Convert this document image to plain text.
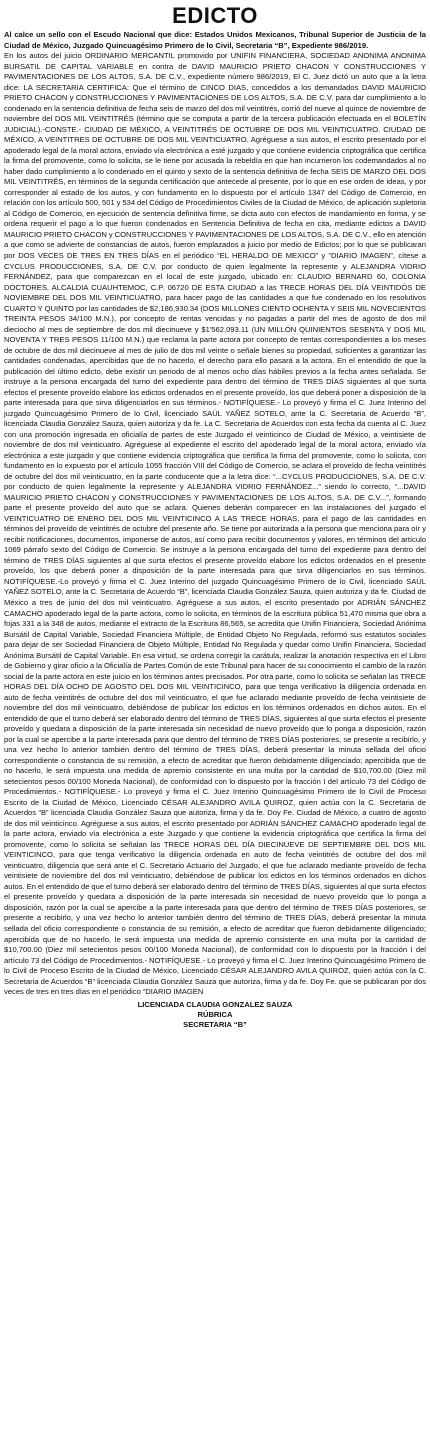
EDICTO

Al calce un sello con el Escudo Nacional que dice: Estados Unidos Mexicanos, Tribunal Superior de Justicia de la Ciudad de México, Juzgado Quincuagésimo Primero de lo Civil, Secretaria “B”, Expediente 986/2019.

En los autos del juicio ORDINARIO MERCANTIL promovido por UNIFIN FINANCIERA, SOCIEDAD ANONIMA ANONIMA BURSATIL DE CAPITAL VARIABLE en contra de DAVID MAURICIO PRIETO CHACON Y CONSTRUCCIONES Y PAVIMENTACIONES DE LOS ALTOS, S.A. DE C.V., expediente número 986/2019, El C. Juez dictó un auto que a la letra dice: LA SECRETARIA CERTIFICA: Que el término de CINCO DIAS, concedidos a los demandados DAVID MAURICIO PRIETO CHACON y CONSTRUCCIONES Y PAVIMENTACIONES DE LOS ALTOS, S.A. DE C.V. para dar cumplimiento a lo condenado en la sentencia definitiva de fecha seis de marzo del dos mil veintitrés, corrió del nueve al quince de noviembre de noviembre del DOS MIL VEINTITRÉS (término que se computa a partir de la tercera publicación efectuada en el BOLETÍN JUDICIAL).-CONSTE.- CIUDAD DE MÉXICO, A VEINTITRÉS DE OCTUBRE DE DOS MIL VEINTICUATRO. CIUDAD DE MÉXICO, A VEINTITRES DE OCTUBRE DE DOS MIL VEINTICUATRO. Agréguese a sus autos, el escrito presentado por el apoderado legal de la moral actora, enviado vía electrónica a esté juzgado y que contiene evidencia criptográfica que certifica la firma del promovente, como lo solicita, se le tiene por acusada la rebeldía en que han incurrieron los codemandados al no haber dado cumplimiento a lo condenado en el quinto y sexto de la sentencia definitiva de fecha SEIS DE MARZO DEL DOS MIL VEINTITRÉS, en términos de la segunda certificación que antecede al presente, por lo que en ese orden de ideas, y por corresponder al estado de los autos, y con fundamento en lo dispuesto por el artículo 1347 del Código de Comercio, en relación con los artículo 500, 501 y 534 del Código de Procedimientos Civiles de la Ciudad de México, de aplicación supletoria al Código de Comercio, en ejecución de sentencia definitiva firme, se dicta auto con efectos de mandamiento en forma, y se ordena requerir el pago a lo que fueron condenados en Sentencia Definitiva de fecha en cita, mediante edictos a DAVID MAURICIO PRIETO CHACON y CONSTRUCCIONES Y PAVIMENTACIONES DE LOS ALTOS, S.A. DE C.V., ello en atención a que como se advierte de constancias de autos, fueron emplazados a juicio por medio de Edictos; por lo que se publicaran por DOS VECES DE TRES EN TRES DÍAS en el periódico “EL HERALDO DE MEXICO” y “DIARIO IMAGEN”, cítese a CYCLUS PRODUCCIONES, S.A. DE C.V. por conducto de quien legalmente la represente y ALEJANDRA VIDRIO FERNÁNDEZ, para que comparezcan en el local de este juzgado, ubicado en: CLAUDIO BERNARD 60, COLONIA DOCTORES, ALCALDIA CUAUHTEMOC, C.P. 06720 DE ESTA CIUDAD a las TRECE HORAS DEL DÍA VEINTIDÓS DE NOVIEMBRE DEL DOS MIL VEINTICUATRO, para hacer pago de las cantidades a que fue condenado en los resolutivos CUARTO Y QUINTO por las cantidades de $2,186,930.34 (DOS MILLONES CIENTO OCHENTA Y SEIS MIL NOVECIENTOS TREINTA PESOS 34/100 M.N.), por concepto de rentas vencidas y no pagadas a partir del mes de agosto de dos mil dieciocho al mes de septiembre de dos mil diecinueve y $1'562,093.11 (UN MILLÓN QUINIENTOS SESENTA Y DOS MIL NOVENTA Y TRES PESOS 11/100 M.N.) que reclama la parte actora por concepto de rentas correspondientes a los meses de octubre de dos mil diecinueve al mes de julio de dos mil veinte o señale bienes su propiedad, suficientes a garantizar las cantidades condenadas, apercibidas que de no hacerlo, el derecho para ello pasará a la actora. En el entendido de que la publicación del último edicto, debe existir un periodo de al menos ocho días hábiles previos a la fecha antes señalada. Se instruye a la persona encargada del turno del expediente para dentro del término de TRES DÍAS siguientes al que surta efectos el presente proveído elabore los edictos ordenados en el presente proveído, los que deberá poner a disposición de la parte interesada para que sirva diligenciarlos en sus términos.- NOTIFÍQUESE.- Lo proveyó y firma el C. Juez Interino del juzgado Quincuagésimo Primero de lo Civil, licenciado SAÚL YAÑEZ SOTELO, ante la C. Secretaria de Acuerdo “B”, licenciada Claudia González Sauza, quien autoriza y da fe. La C. Secretaria de Acuerdos con esta fecha da cuenta al C. Juez con una promoción ingresada en oficialía de partes de este Juzgado el veinticinco de Ciudad de México, a veintisiete de noviembre de dos mil veinticuatro. Agréguese al expediente el escrito del apoderado legal de la moral actora, enviado vía electrónica a este juzgado y que contiene evidencia criptográfica que certifica la firma del promovente, como lo solicita, con fundamento en lo expuesto por el artículo 1055 fracción VIII del Código de Comercio, se aclara el proveído de fecha veintitrés de octubre del dos mil veinticuatro, en la parte conducente que a la letra dice: “...CYCLUS PRODUCCIONES, S.A. DE C.V. por conducto de quien legalmente la represente y ALEJANDRA VIDRIO FERNÁNDEZ...” siendo lo correcto, “...DAVID MAURICIO PRIETO CHACON y CONSTRUCCIONES Y PAVIMENTACIONES DE LOS ALTOS, S.A. DE C.V...”, formando parte el presente proveído del auto que se aclara. Quienes deberán comparecer en las instalaciones del juzgado el VEINTICUATRO DE ENERO DEL DOS MIL VEINTICINCO A LAS TRECE HORAS, para el pago de las cantidades en términos del proveído de veintitrés de octubre del presente año. Se tiene por autorizada a la persona que menciona para oír y recibir notificaciones, documentos, imponerse de autos, así como para recibir documentos y valores, en términos del artículo 1069 párrafo sexto del Código de Comercio. Se instruye a la persona encargada del turno del expediente para dentro del término de TRES DÍAS siguientes al que surta efectos el presente proveído elabore los edictos ordenados en el presente proveído, los que deberá poner a disposición de la parte interesada para que sirva diligenciarlos en sus términos. NOTIFÍQUESE.-Lo proveyó y firma el C. Juez Interino del juzgado Quincuagésimo Primero de lo Civil, licenciado SAÚL YAÑEZ SOTELO, ante la C. Secretaria de Acuerdo “B”, licenciada Claudia González Sauza, quien autoriza y da fe. Ciudad de México a tres de junio del dos mil veinticuatro. Agréguese a sus autos, el escrito presentado por ADRIÁN SÁNCHEZ CAMACHO apoderado legal de la parte actora, como lo solicita, en términos de la escritura pública 51,470 misma que obra a fojas 331 a la 348 de autos, mediante el extracto de la Escritura 86,565, se acredita que Unifin Financiera, Sociedad Anónima Bursátil de Capital Variable, Sociedad Financiera Múltiple, de Entidad Objeto No Regulada, reformó sus estatutos sociales para dejar de ser Sociedad Financiera de Objeto Múltiple, Entidad No Regulada y quedar como Unifin Financiera, Sociedad Anónima Bursátil de Capital Variable. En esa virtud, se ordena corregir la carátula, realizar la anotación respectiva en el Libro de Gobierno y girar oficio a la Oficialía de Partes Común de este Tribunal para hacer de su conocimiento el cambio de la razón social de la parte actora en este juicio en los términos antes precisados. Por otra parte, como lo solicita se señalan las TRECE HORAS DEL DÍA OCHO DE AGOSTO DEL DOS MIL VEINTICINCO, para que tenga verificativo la diligencia ordenada en auto de fecha veintitrés de octubre del dos mil veinticuatro, el que fue aclarado mediante proveído de fecha veintisiete de noviembre del dos mil veinticuatro, debiéndose de publicar los edictos en los términos ordenados en dichos autos. En el entendido de que el turno deberá ser elaborado dentro del término de TRES DÍAS, siguientes al que surta efectos el presente proveído y quedara a disposición de la parte interesada sin necesidad de nuevo proveído que lo ponga a disposición, razón por la cual se apercibe a la parte interesada para que dentro del término de TRES DÍAS posteriores, se presente a recibirlo, y una vez hecho lo anterior también dentro del término de TRES DÍAS, deberá presentar la minuta sellada del oficio correspondiente o constancia de su remisión, a efecto de acreditar que fueron debidamente diligenciado; apercibida que de no hacerlo, le será impuesta una medida de apremio consistente en una multa por la cantidad de $10,700.00 (Diez mil setecientos pesos 00/100 Moneda Nacional), de conformidad con lo dispuesto por la fracción I del artículo 73 del Código de Procedimientos.- NOTIFÍQUESE.- Lo proveyó y firma el C. Juez Interino Quincuagésimo Primero de lo Civil de Proceso Escrito de la Ciudad de México, Licenciado CÉSAR ALEJANDRO AVILA QUIROZ, quien actúa con la C. Secretaria de Acuerdos “B” licenciada Claudia González Sauza que autoriza, firma y da fe. Doy Fe. Ciudad de México, a cuatro de agosto de dos mil veinticinco. Agréguese a sus autos, el escrito presentado por ADRIÁN SÁNCHEZ CAMACHO apoderado legal de la parte actora, enviado vía electrónica a este Juzgado y que contiene la evidencia criptográfica que certifica la firma del promovente, como lo solicita se señalan las TRECE HORAS DEL DÍA DIECINUEVE DE SEPTIEMBRE DEL DOS MIL VEINTICINCO, para que tenga verificativo la diligencia ordenada en auto de fecha veintitrés de octubre del dos mil veinticuatro, diligencia que será ante el C. Secretario Actuario del Juzgado, el que fue aclarado mediante proveído de fecha veintisiete de noviembre del dos mil veinticuatro, debiéndose de publicar los edictos en los términos ordenados en dichos autos. En el entendido de que el turno deberá ser elaborado dentro del término de TRES DÍAS, siguientes al que surta efectos el presente proveído y quedara a disposición de la parte interesada sin necesidad de nuevo proveído que lo ponga a disposición, razón por la cual se apercibe a la parte interesada para que dentro del término de TRES DÍAS posteriores, se presente a recibirlo, y una vez hecho lo anterior también dentro del término de TRES DÍAS, deberá presentar la minuta sellada del oficio correspondiente o constancia de su remisión, a efecto de acreditar que fueron debidamente diligenciado; apercibida que de no hacerlo, le será impuesta una medida de apremio consistente en una multa por la cantidad de $10,700.00 (Diez mil setecientos pesos 00/100 Moneda Nacional), de conformidad con lo dispuesto por la fracción I del artículo 73 del Código de Procedimientos.- NOTIFÍQUESE.- Lo proveyó y firma el C. Juez Interino Quincuagésimo Primero de lo Civil de Proceso Escrito de la Ciudad de México, Licenciado CÉSAR ALEJANDRO AVILA QUIROZ, quien actúa con la C. Secretaria de Acuerdos “B” licenciada Claudia González Sauza que autoriza, firma y da fe. Doy Fe. que se publicaran por dos veces de tres en tres días en el periódico “DIARIO IMAGEN

LICENCIADA CLAUDIA GONZALEZ SAUZA
RÚBRICA
SECRETARIA “B”
